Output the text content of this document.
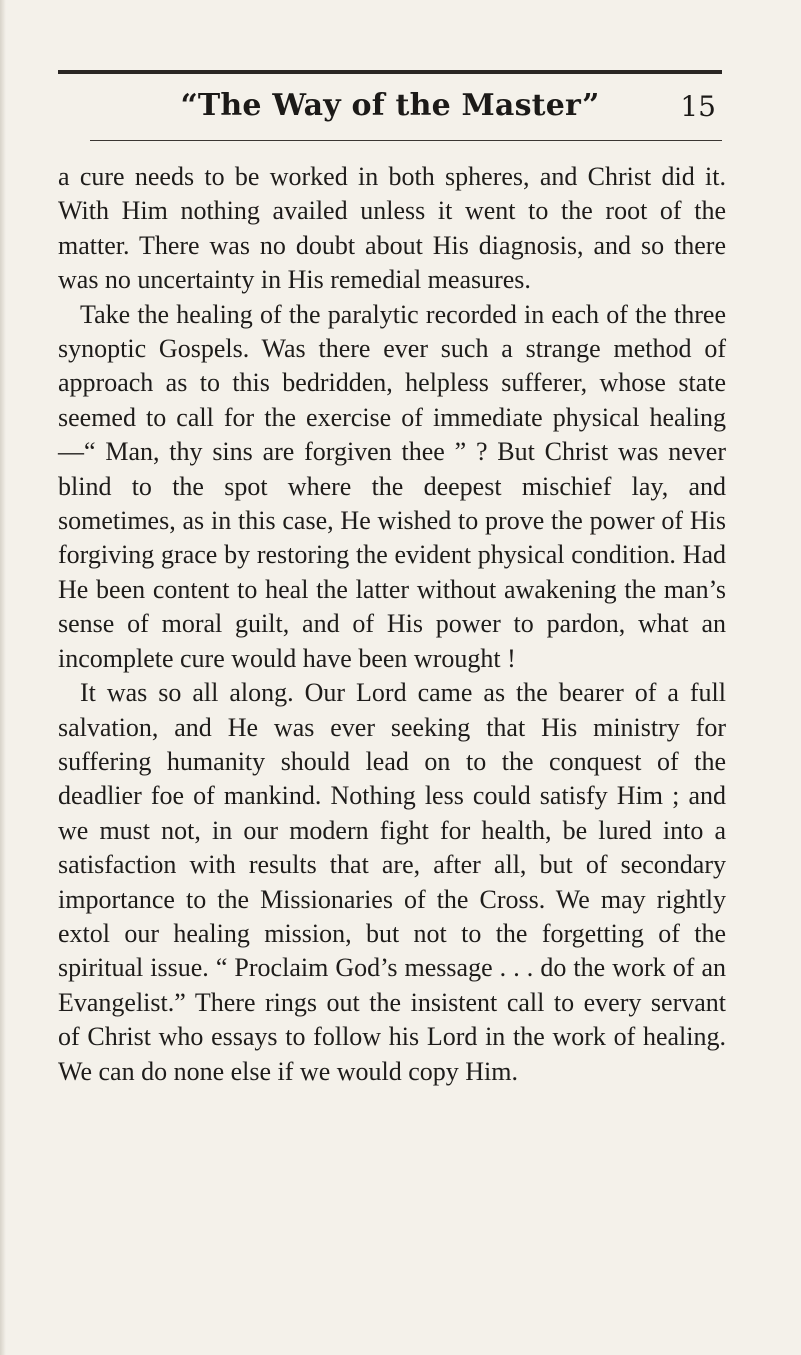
“The Way of the Master”	15

a cure needs to be worked in both spheres, and Christ did it. With Him nothing availed unless it went to the root of the matter. There was no doubt about His diagnosis, and so there was no uncertainty in His remedial measures.

Take the healing of the paralytic recorded in each of the three synoptic Gospels. Was there ever such a strange method of approach as to this bedridden, helpless sufferer, whose state seemed to call for the exercise of immediate physical healing—“ Man, thy sins are forgiven thee ” ? But Christ was never blind to the spot where the deepest mischief lay, and sometimes, as in this case, He wished to prove the power of His forgiving grace by restoring the evident physical condition. Had He been content to heal the latter without awakening the man’s sense of moral guilt, and of His power to pardon, what an incomplete cure would have been wrought !

It was so all along. Our Lord came as the bearer of a full salvation, and He was ever seeking that His ministry for suffering humanity should lead on to the conquest of the deadlier foe of mankind. Nothing less could satisfy Him ; and we must not, in our modern fight for health, be lured into a satisfaction with results that are, after all, but of secondary importance to the Missionaries of the Cross. We may rightly extol our healing mission, but not to the forgetting of the spiritual issue. “ Proclaim God’s message . . . do the work of an Evangelist.” There rings out the insistent call to every servant of Christ who essays to follow his Lord in the work of healing. We can do none else if we would copy Him.
